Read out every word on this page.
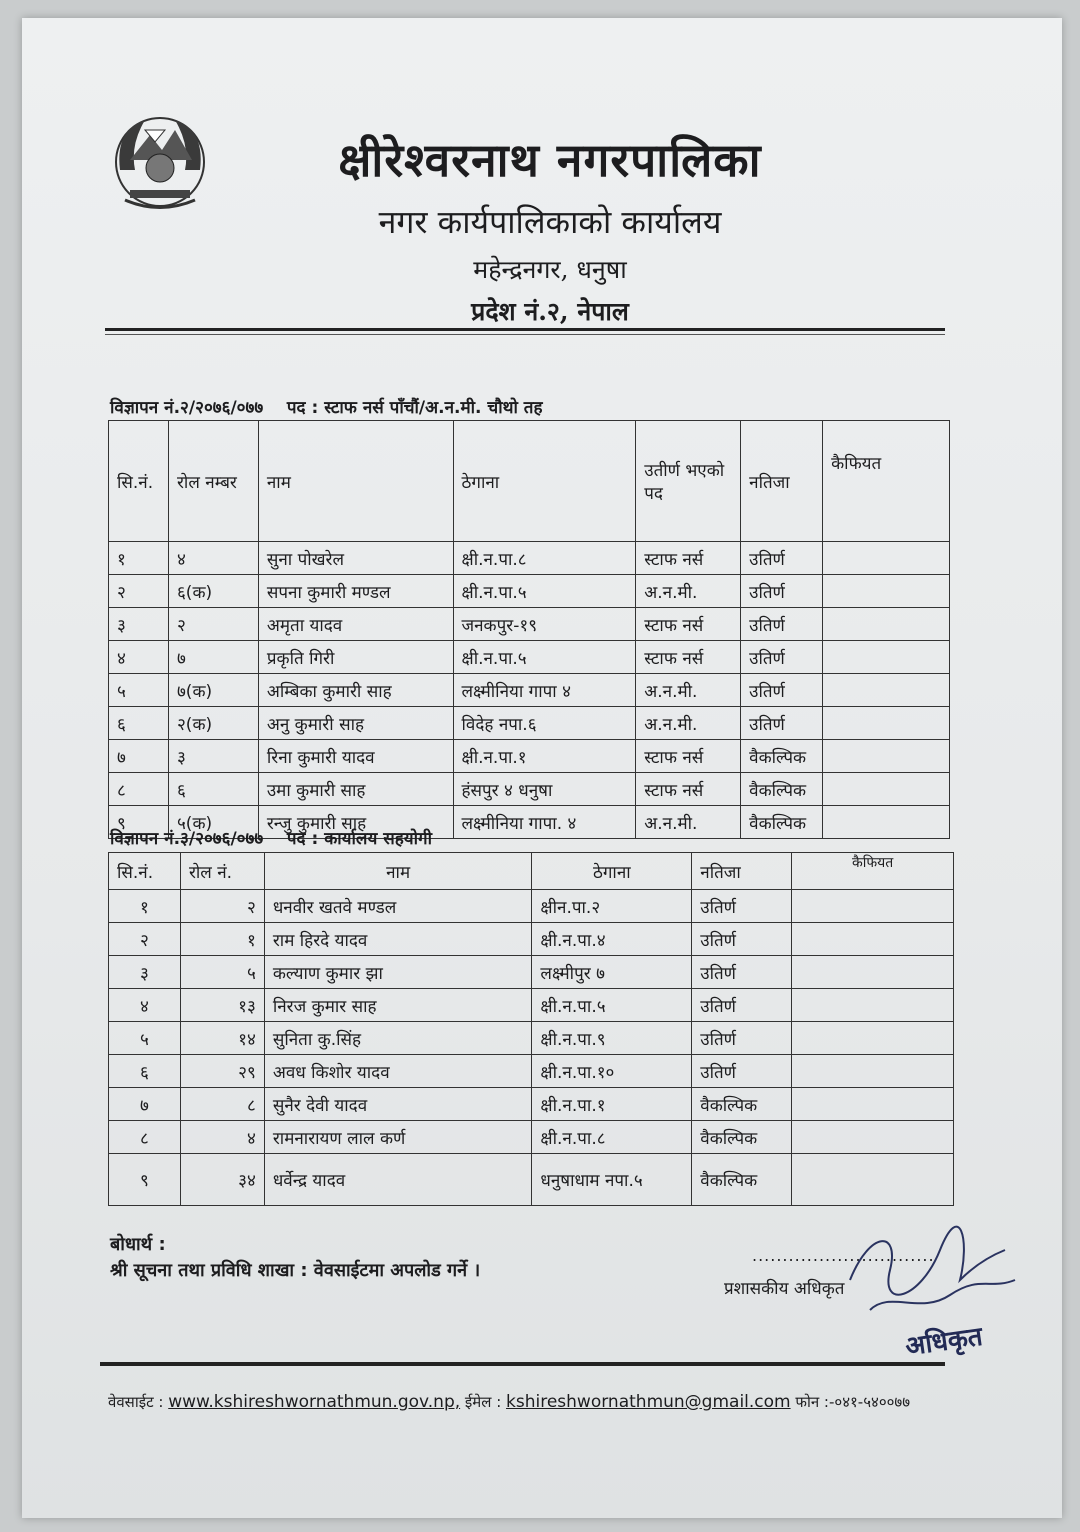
क्षीरेश्वरनाथ नगरपालिका
नगर कार्यपालिकाको कार्यालय
महेन्द्रनगर, धनुषा
प्रदेश नं.२, नेपाल
विज्ञापन नं.२/२०७६/०७७ पद : स्टाफ नर्स पाँचौं/अ.न.मी. चौथो तह
सि.नं.	रोल नम्बर	नाम	ठेगाना	उतीर्ण भएको पद	नतिजा	कैफियत
१	४	सुना पोखरेल	क्षी.न.पा.८	स्टाफ नर्स	उतिर्ण	
२	६(क)	सपना कुमारी मण्डल	क्षी.न.पा.५	अ.न.मी.	उतिर्ण	
३	२	अमृता यादव	जनकपुर-१९	स्टाफ नर्स	उतिर्ण	
४	७	प्रकृति गिरी	क्षी.न.पा.५	स्टाफ नर्स	उतिर्ण	
५	७(क)	अम्बिका कुमारी साह	लक्ष्मीनिया गापा ४	अ.न.मी.	उतिर्ण	
६	२(क)	अनु कुमारी साह	विदेह नपा.६	अ.न.मी.	उतिर्ण	
७	३	रिना कुमारी यादव	क्षी.न.पा.१	स्टाफ नर्स	वैकल्पिक	
८	६	उमा कुमारी साह	हंसपुर ४ धनुषा	स्टाफ नर्स	वैकल्पिक	
९	५(क)	रन्जु कुमारी साह	लक्ष्मीनिया गापा. ४	अ.न.मी.	वैकल्पिक	
विज्ञापन नं.३/२०७६/०७७ पद : कार्यालय सहयोगी
सि.नं.	रोल नं.	नाम	ठेगाना	नतिजा	कैफियत
१	२	धनवीर खतवे मण्डल	क्षीन.पा.२	उतिर्ण	
२	१	राम हिरदे यादव	क्षी.न.पा.४	उतिर्ण	
३	५	कल्याण कुमार झा	लक्ष्मीपुर ७	उतिर्ण	
४	१३	निरज कुमार साह	क्षी.न.पा.५	उतिर्ण	
५	१४	सुनिता कु.सिंह	क्षी.न.पा.९	उतिर्ण	
६	२९	अवध किशोर यादव	क्षी.न.पा.१०	उतिर्ण	
७	८	सुनैर देवी यादव	क्षी.न.पा.१	वैकल्पिक	
८	४	रामनारायण लाल कर्ण	क्षी.न.पा.८	वैकल्पिक	
९	३४	धर्वेन्द्र यादव	धनुषाधाम नपा.५	वैकल्पिक	
बोधार्थ :
श्री सूचना तथा प्रविधि शाखा : वेवसाईटमा अपलोड गर्ने ।
..............................
प्रशासकीय अधिकृत
अधिकृत
वेवसाईट : www.kshireshwornathmun.gov.np, ईमेल : kshireshwornathmun@gmail.com फोन :-०४१-५४००७७
